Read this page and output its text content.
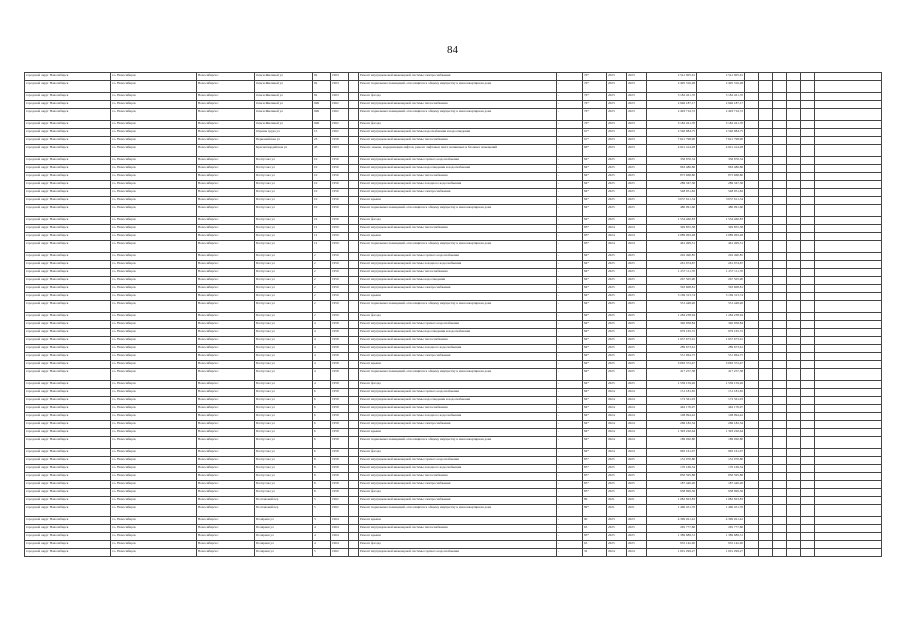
84
городской округ Новосибирск	г.о. Новосибирск	Новосибирск г	Ольги Жилиной ул	92	1963		Ремонт внутридомовой инженерной системы электроснабжения	-	76*	2023	2023	2 541 005,61	2 541 005,61						
городской округ Новосибирск	г.о. Новосибирск	Новосибирск г	Ольги Жилиной ул	92	1963		Ремонт подвальных помещений, относящихся к общему имуществу в многоквартирном доме	-	76*	2023	2023	2 495 316,28	2 495 316,28						
городской округ Новосибирск	г.о. Новосибирск	Новосибирск г	Ольги Жилиной ул	92	1963		Ремонт фасада	-	76*	2023	2023	3 182 421,70	3 182 421,70						
городской округ Новосибирск	г.о. Новосибирск	Новосибирск г	Ольги Жилиной ул	92Б	1962		Ремонт внутридомовой инженерной системы теплоснабжения	-	76*	2023	2023	2 946 187,17	2 946 187,17						
городской округ Новосибирск	г.о. Новосибирск	Новосибирск г	Ольги Жилиной ул	92Б	1962		Ремонт подвальных помещений, относящихся к общему имуществу в многоквартирном доме	-	76*	2023	2023	2 493 719,72	2 493 719,72						
городской округ Новосибирск	г.о. Новосибирск	Новосибирск г	Ольги Жилиной ул	92Б	1962		Ремонт фасада	-	76*	2023	2023	3 182 421,70	3 182 421,70						
городской округ Новосибирск	г.о. Новосибирск	Новосибирск г	Охраны труда ул	15	1962		Ремонт внутридомовой инженерной системы водоснабжения и водоотведения	-	91*	2023	2023	2 540 984,75	2 540 984,75						
городской округ Новосибирск	г.о. Новосибирск	Новосибирск г	Первомайская ул	23	1958		Ремонт внутридомовой инженерной системы теплоснабжения	-	91*	2023	2023	7 621 798,90	7 621 798,90						
городской округ Новосибирск	г.о. Новосибирск	Новосибирск г	Красногвардейская ул	43	1963		Ремонт, замена, модернизация лифтов, ремонт лифтовых шахт, машинных и блочных помещений	-	66*	2023	2023	4 921 414,28	4 921 414,28						
городской округ Новосибирск	г.о. Новосибирск	Новосибирск г	Палтусова ул	10	1956		Ремонт внутридомовой инженерной системы горячего водоснабжения	-	84*	2025	2025	336 876,34	336 876,34						
городской округ Новосибирск	г.о. Новосибирск	Новосибирск г	Палтусова ул	10	1956		Ремонт внутридомовой инженерной системы водоотведения и водоснабжения	-	84*	2025	2025	963 486,86	963 486,86						
городской округ Новосибирск	г.о. Новосибирск	Новосибирск г	Палтусова ул	10	1956		Ремонт внутридомовой инженерной системы теплоснабжения	-	84*	2025	2025	875 668,80	875 668,80						
городской округ Новосибирск	г.о. Новосибирск	Новосибирск г	Палтусова ул	10	1956		Ремонт внутридомовой инженерной системы холодного водоснабжения	-	84*	2025	2025	289 347,36	289 347,36						
городской округ Новосибирск	г.о. Новосибирск	Новосибирск г	Палтусова ул	10	1956		Ремонт внутридомовой инженерной системы электроснабжения	-	84*	2025	2025	548 051,82	548 051,82						
городской округ Новосибирск	г.о. Новосибирск	Новосибирск г	Палтусова ул	10	1956		Ремонт крыши	-	84*	2025	2025	3 057 611,54	3 057 611,54						
городской округ Новосибирск	г.о. Новосибирск	Новосибирск г	Палтусова ул	10	1956		Ремонт подвальных помещений, относящихся к общему имуществу в многоквартирном доме	-	84*	2025	2025	480 091,60	480 091,60						
городской округ Новосибирск	г.о. Новосибирск	Новосибирск г	Палтусова ул	10	1956		Ремонт фасада	-	84*	2025	2025	1 534 460,83	1 534 460,83						
городской округ Новосибирск	г.о. Новосибирск	Новосибирск г	Палтусова ул	12	1959		Ремонт внутридомовой инженерной системы теплоснабжения	-	83*	2024	2024	349 855,38	349 855,38						
городской округ Новосибирск	г.о. Новосибирск	Новосибирск г	Палтусова ул	12	1959		Ремонт крыши	-	83*	2024	2024	2 089 063,48	2 089 063,48						
городской округ Новосибирск	г.о. Новосибирск	Новосибирск г	Палтусова ул	12	1959		Ремонт подвальных помещений, относящихся к общему имуществу в многоквартирном доме	-	83*	2024	2024	461 499,51	461 499,51						
городской округ Новосибирск	г.о. Новосибирск	Новосибирск г	Палтусова ул	2	1959		Ремонт внутридомовой инженерной системы горячего водоснабжения	-	84*	2025	2025	292 490,85	292 490,85						
городской округ Новосибирск	г.о. Новосибирск	Новосибирск г	Палтусова ул	2	1959		Ремонт внутридомовой инженерной системы холодного водоснабжения	-	84*	2025	2025	261 974,67	261 974,67						
городской округ Новосибирск	г.о. Новосибирск	Новосибирск г	Палтусова ул	2	1959		Ремонт внутридомовой инженерной системы теплоснабжения	-	84*	2025	2025	1 257 111,70	1 257 111,70						
городской округ Новосибирск	г.о. Новосибирск	Новосибирск г	Палтусова ул	2	1959		Ремонт внутридомовой инженерной системы водоотведения	-	84*	2025	2025	267 505,90	267 505,90						
городской округ Новосибирск	г.о. Новосибирск	Новосибирск г	Палтусова ул	2	1959		Ремонт внутридомовой инженерной системы электроснабжения	-	84*	2025	2025	593 608,81	593 608,81						
городской округ Новосибирск	г.о. Новосибирск	Новосибирск г	Палтусова ул	2	1959		Ремонт крыши	-	84*	2025	2025	3 169 313,74	3 169 313,74						
городской округ Новосибирск	г.о. Новосибирск	Новосибирск г	Палтусова ул	2	1959		Ремонт подвальных помещений, относящихся к общему имуществу в многоквартирном доме	-	84*	2025	2025	531 448,26	531 448,26						
городской округ Новосибирск	г.о. Новосибирск	Новосибирск г	Палтусова ул	2	1959		Ремонт фасада	-	84*	2025	2025	1 284 238,94	1 284 238,94						
городской округ Новосибирск	г.о. Новосибирск	Новосибирск г	Палтусова ул	4	1958		Ремонт внутридомовой инженерной системы горячего водоснабжения	-	84*	2025	2025	340 958,84	340 958,84						
городской округ Новосибирск	г.о. Новосибирск	Новосибирск г	Палтусова ул	4	1958		Ремонт внутридомовой инженерной системы водоотведения и водоснабжения	-	84*	2025	2025	979 165,72	979 165,72						
городской округ Новосибирск	г.о. Новосибирск	Новосибирск г	Палтусова ул	4	1958		Ремонт внутридомовой инженерной системы теплоснабжения	-	84*	2025	2025	1 037 673,01	1 037 673,01						
городской округ Новосибирск	г.о. Новосибирск	Новосибирск г	Палтусова ул	4	1958		Ремонт внутридомовой инженерной системы холодного водоснабжения	-	84*	2025	2025	289 673,61	289 673,61						
городской округ Новосибирск	г.о. Новосибирск	Новосибирск г	Палтусова ул	4	1958		Ремонт внутридомовой инженерной системы электроснабжения	-	84*	2025	2025	551 064,75	551 064,75						
городской округ Новосибирск	г.о. Новосибирск	Новосибирск г	Палтусова ул	4	1958		Ремонт крыши	-	84*	2025	2025	3 065 372,47	3 065 372,47						
городской округ Новосибирск	г.о. Новосибирск	Новосибирск г	Палтусова ул	4	1958		Ремонт подвальных помещений, относящихся к общему имуществу в многоквартирном доме	-	84*	2025	2025	417 257,38	417 257,38						
городской округ Новосибирск	г.о. Новосибирск	Новосибирск г	Палтусова ул	4	1958		Ремонт фасада	-	84*	2025	2025	1 539 159,26	1 539 159,26						
городской округ Новосибирск	г.о. Новосибирск	Новосибирск г	Палтусова ул	6	1958		Ремонт внутридомовой инженерной системы горячего водоснабжения	-	84*	2024	2024	151 181,65	151 181,65						
городской округ Новосибирск	г.о. Новосибирск	Новосибирск г	Палтусова ул	6	1958		Ремонт внутридомовой инженерной системы водоотведения и водоснабжения	-	84*	2024	2024	172 561,93	172 561,93						
городской округ Новосибирск	г.о. Новосибирск	Новосибирск г	Палтусова ул	6	1958		Ремонт внутридомовой инженерной системы теплоснабжения	-	84*	2024	2024	462 176,97	462 176,97						
городской округ Новосибирск	г.о. Новосибирск	Новосибирск г	Палтусова ул	6	1958		Ремонт внутридомовой инженерной системы холодного водоснабжения	-	84*	2024	2024	108 994,42	108 994,42						
городской округ Новосибирск	г.о. Новосибирск	Новосибирск г	Палтусова ул	6	1958		Ремонт внутридомовой инженерной системы электроснабжения	-	84*	2024	2024	266 182,34	266 182,34						
городской округ Новосибирск	г.о. Новосибирск	Новосибирск г	Палтусова ул	6	1958		Ремонт крыши	-	84*	2024	2024	1 393 226,64	1 393 226,64						
городской округ Новосибирск	г.о. Новосибирск	Новосибирск г	Палтусова ул	6	1958		Ремонт подвальных помещений, относящихся к общему имуществу в многоквартирном доме	-	84*	2024	2024	189 020,80	189 020,80						
городской округ Новосибирск	г.о. Новосибирск	Новосибирск г	Палтусова ул	6	1958		Ремонт фасада	-	84*	2024	2024	965 161,07	965 161,07						
городской округ Новосибирск	г.о. Новосибирск	Новосибирск г	Палтусова ул	8	1958		Ремонт внутридомовой инженерной системы горячего водоснабжения	-	85*	2025	2025	152 970,86	152 970,86						
городской округ Новосибирск	г.о. Новосибирск	Новосибирск г	Палтусова ул	8	1958		Ремонт внутридомовой инженерной системы холодного водоснабжения	-	85*	2025	2025	170 169,34	170 169,34						
городской округ Новосибирск	г.о. Новосибирск	Новосибирск г	Палтусова ул	8	1958		Ремонт внутридомовой инженерной системы теплоснабжения	-	85*	2025	2025	856 595,88	856 595,88						
городской округ Новосибирск	г.о. Новосибирск	Новосибирск г	Палтусова ул	8	1958		Ремонт внутридомовой инженерной системы электроснабжения	-	85*	2025	2025	187 440,20	187 440,20						
городской округ Новосибирск	г.о. Новосибирск	Новосибирск г	Палтусова ул	8	1958		Ремонт фасада	-	85*	2025	2025	958 099,36	958 099,36						
городской округ Новосибирск	г.о. Новосибирск	Новосибирск г	Полтавский пер	5	1962		Ремонт внутридомовой инженерной системы электроснабжения	-	89	2021	2021	1 082 823,83	1 082 823,83						
городской округ Новосибирск	г.о. Новосибирск	Новосибирск г	Полтавский пер	5	1962		Ремонт подвальных помещений, относящихся к общему имуществу в многоквартирном доме	-	89*	2021	2021	1 460 451,76	1 460 451,76						
городской округ Новосибирск	г.о. Новосибирск	Новосибирск г	Полярная ул	3	1964		Ремонт крыши	-	90	2023	2023	4 399 021,42	4 399 021,42						
городской округ Новосибирск	г.о. Новосибирск	Новосибирск г	Полярная ул	4	1964		Ремонт внутридомовой инженерной системы теплоснабжения	-	63	2025	2025	265 777,86	265 777,86						
городской округ Новосибирск	г.о. Новосибирск	Новосибирск г	Полярная ул	4	1964		Ремонт крыши	-	83*	2025	2025	1 389 689,31	1 389 689,31						
городской округ Новосибирск	г.о. Новосибирск	Новосибирск г	Полярная ул	4	1964		Ремонт фасада	-	63	2025	2025	955 142,20	955 142,20						
городской округ Новосибирск	г.о. Новосибирск	Новосибирск г	Полярная ул	5	1962		Ремонт внутридомовой инженерной системы горячего водоснабжения	-	32	2024	2024	1 001 299,27	1 001 299,27						
